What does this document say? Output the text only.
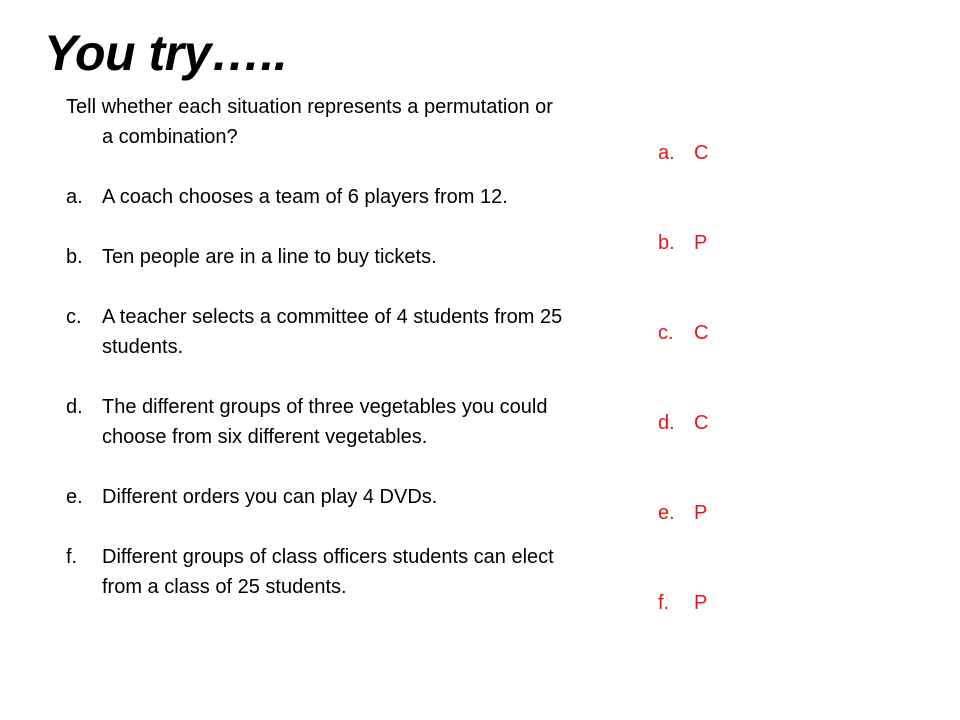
You try…..

Tell whether each situation represents a permutation or a combination?

a. A coach chooses a team of 6 players from 12.
b. Ten people are in a line to buy tickets.
c. A teacher selects a committee of 4 students from 25 students.
d. The different groups of three vegetables you could choose from six different vegetables.
e. Different orders you can play 4 DVDs.
f. Different groups of class officers students can elect from a class of 25 students.
a. C
b. P
c. C
d. C
e. P
f. P
